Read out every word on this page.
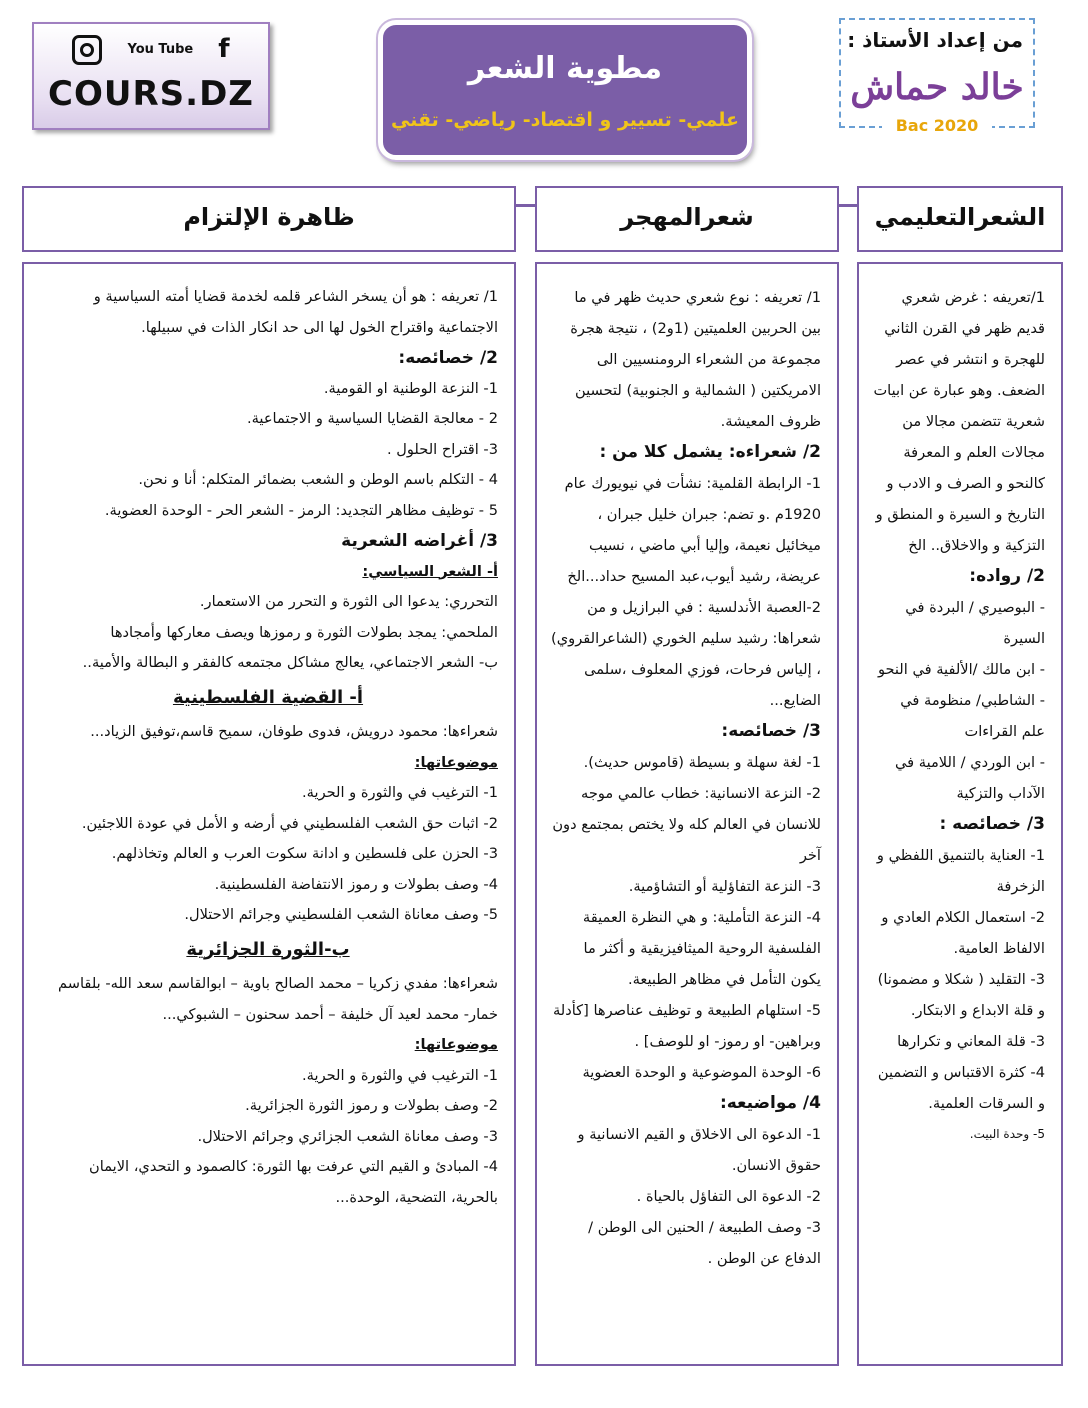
You Tube f
COURS.DZ
مطوية الشعر
علمي- تسيير و اقتصاد- رياضي- تقني
من إعداد الأستاذ :
خالد حماش
Bac 2020
الشعرالتعليمي
شعرالمهجر
ظاهرة الإلتزام

1/تعريفه : غرض شعري قديم ظهر في القرن الثاني للهجرة و انتشر في عصر الضعف. وهو عبارة عن ابيات شعرية تتضمن مجالا من مجالات العلم و المعرفة كالنحو و الصرف و الادب و التاريخ و السيرة و المنطق و التزكية و والاخلاق.. الخ

2/ رواده:

- البوصيري / البردة في السيرة

- ابن مالك /الألفية في النحو

- الشاطبي/ منظومة في علم القراءات

- ابن الوردي / اللامية في الآداب والتزكية

3/ خصائصه :

1- العناية بالتنميق اللفظي و الزخرفة

2- استعمال الكلام العادي و الالفاظ العامية.

3- التقليد ( شكلا و مضمونا) و قلة الابداع و الابتكار.

3- قلة المعاني و تكرارها

4- كثرة الاقتباس و التضمين و السرقات العلمية.

5- وحدة البيت.

1/ تعريفه : نوع شعري حديث ظهر في ما بين الحربين العلميتين (1و2) ، نتيجة هجرة مجموعة من الشعراء الرومنسيين الى الامريكتين ( الشمالية و الجنوبية) لتحسين ظروف المعيشة.

2/ شعراءه: يشمل كلا من :

1- الرابطة القلمية: نشأت في نيويورك عام 1920م .و تضم: جبران خليل جبران ، ميخائيل نعيمة، وإليا أبي ماضي ، نسيب عريضة، رشيد أيوب،عبد المسيح حداد...الخ

2-العصبة الأندلسية : في البرازيل و من شعراها: رشيد سليم الخوري (الشاعرالقروي) ، إلياس فرحات، فوزي المعلوف ،سلمى الضايع...

3/ خصائصه:

1- لغة سهلة و بسيطة (قاموس حديث).

2- النزعة الانسانية: خطاب عالمي موجه للانسان في العالم كله ولا يختص بمجتمع دون آخر

3- النزعة التفاؤلية أو التشاؤمية.

4- النزعة التأملية: و هي النظرة العميقة الفلسفية الروحية الميثافيزيقية و أكثر ما يكون التأمل في مظاهر الطبيعة.

5- استلهام الطبيعة و توظيف عناصرها [كأدلة وبراهين- او رموز- او للوصف] .

6- الوحدة الموضوعية و الوحدة العضوية

4/ مواضيعه:

1- الدعوة الى الاخلاق و القيم الانسانية و حقوق الانسان.

2- الدعوة الى التفاؤل بالحياة .

3- وصف الطبيعة / الحنين الى الوطن / الدفاع عن الوطن .

1/ تعريفه : هو أن يسخر الشاعر قلمه لخدمة قضايا أمته السياسية و الاجتماعية واقتراح الخول لها الى حد انكار الذات في سبيلها.

2/ خصائصه:

1- النزعة الوطنية او القومية.

2 - معالجة القضايا السياسية و الاجتماعية.

3- اقتراح الحلول .

4 - التكلم باسم الوطن و الشعب بضمائر المتكلم: أنا و نحن.

5 - توظيف مظاهر التجديد: الرمز - الشعر الحر - الوحدة العضوية.

3/ أغراضه الشعرية

أ- الشعر السياسي:

التحرري: يدعوا الى الثورة و التحرر من الاستعمار.

الملحمي: يمجد بطولات الثورة و رموزها ويصف معاركها وأمجادها

ب- الشعر الاجتماعي، يعالج مشاكل مجتمعه كالفقر و البطالة والأمية..

أ- القضية الفلسطينية

شعراءها: محمود درويش، فدوى طوفان، سميح قاسم،توفيق الزياد...

موضوعاتها:

1- الترغيب في والثورة و الحرية.

2- اثبات حق الشعب الفلسطيني في أرضه و الأمل في عودة اللاجئين.

3- الحزن على فلسطين و ادانة سكوت العرب و العالم وتخاذلهم.

4- وصف بطولات و رموز الانتفاضة الفلسطينية.

5- وصف معاناة الشعب الفلسطيني وجرائم الاحتلال.

ب-الثورة الجزائرية

شعراءها: مفدي زكريا – محمد الصالح باوية – ابوالقاسم سعد الله- بلقاسم خمار- محمد لعيد آل خليفة – أحمد سحنون – الشبوكي...

موضوعاتها:

1- الترغيب في والثورة و الحرية.

2- وصف بطولات و رموز الثورة الجزائرية.

3- وصف معاناة الشعب الجزائري وجرائم الاحتلال.

4- المبادئ و القيم التي عرفت بها الثورة: كالصمود و التحدي، الايمان بالحرية، التضحية، الوحدة...
